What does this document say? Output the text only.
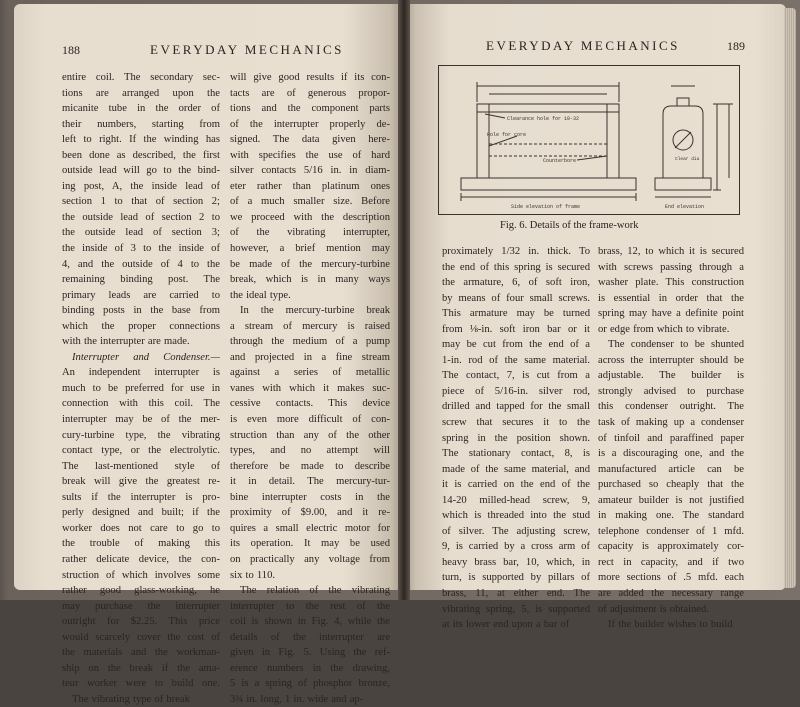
188	EVERYDAY MECHANICS
entire coil. The secondary sec-
tions are arranged upon the
micanite tube in the order of
their numbers, starting from
left to right. If the winding has
been done as described, the first
outside lead will go to the bind-
ing post, A, the inside lead of
section 1 to that of section 2;
the outside lead of section 2 to
the outside lead of section 3;
the inside of 3 to the inside of
4, and the outside of 4 to the
remaining binding post. The
primary leads are carried to
binding posts in the base from
which the proper connections
with the interrupter are made.
Interrupter and Condenser.—
An independent interrupter is
much to be preferred for use in
connection with this coil. The
interrupter may be of the mer-
cury-turbine type, the vibrating
contact type, or the electrolytic.
The last-mentioned style of
break will give the greatest re-
sults if the interrupter is pro-
perly designed and built; if the
worker does not care to go to
the trouble of making this
rather delicate device, the con-
struction of which involves some
rather good glass-working, he
may purchase the interrupter
outright for $2.25. This price
would scarcely cover the cost of
the materials and the workman-
ship on the break if the ama-
teur worker were to build one.
The vibrating type of break
will give good results if its con-
tacts are of generous propor-
tions and the component parts
of the interrupter properly de-
signed. The data given here-
with specifies the use of hard
silver contacts 5/16 in. in diam-
eter rather than platinum ones
of a much smaller size. Before
we proceed with the description
of the vibrating interrupter,
however, a brief mention may
be made of the mercury-turbine
break, which is in many ways
the ideal type.
In the mercury-turbine break
a stream of mercury is raised
through the medium of a pump
and projected in a fine stream
against a series of metallic
vanes with which it makes suc-
cessive contacts. This device
is even more difficult of con-
struction than any of the other
types, and no attempt will
therefore be made to describe
it in detail. The mercury-tur-
bine interrupter costs in the
proximity of $9.00, and it re-
quires a small electric motor for
its operation. It may be used
on practically any voltage from
six to 110.
The relation of the vibrating
interrupter to the rest of the
coil is shown in Fig. 4, while the
details of the interrupter are
given in Fig. 5. Using the ref-
erence numbers in the drawing,
5 is a spring of phosphor bronze,
3¾ in. long, 1 in. wide and ap-
EVERYDAY MECHANICS	189
Clearance hole for 10-32
Hole for core
Counterbore
Side elevation of frame	End elevation
Clear dia
Fig. 6. Details of the frame-work
proximately 1/32 in. thick. To
the end of this spring is secured
the armature, 6, of soft iron,
by means of four small screws.
This armature may be turned
from ⅛-in. soft iron bar or it
may be cut from the end of a
1-in. rod of the same material.
The contact, 7, is cut from a
piece of 5/16-in. silver rod,
drilled and tapped for the small
screw that secures it to the
spring in the position shown.
The stationary contact, 8, is
made of the same material, and
it is carried on the end of the
14-20 milled-head screw, 9,
which is threaded into the stud
of silver. The adjusting screw,
9, is carried by a cross arm of
heavy brass bar, 10, which, in
turn, is supported by pillars of
brass, 11, at either end. The
vibrating spring, 5, is supported
at its lower end upon a bar of
brass, 12, to which it is secured
with screws passing through a
washer plate. This construction
is essential in order that the
spring may have a definite point
or edge from which to vibrate.
The condenser to be shunted
across the interrupter should be
adjustable. The builder is
strongly advised to purchase
this condenser outright. The
task of making up a condenser
of tinfoil and paraffined paper
is a discouraging one, and the
manufactured article can be
purchased so cheaply that the
amateur builder is not justified
in making one. The standard
telephone condenser of 1 mfd.
capacity is approximately cor-
rect in capacity, and if two
more sections of .5 mfd. each
are added the necessary range
of adjustment is obtained.
If the builder wishes to build
